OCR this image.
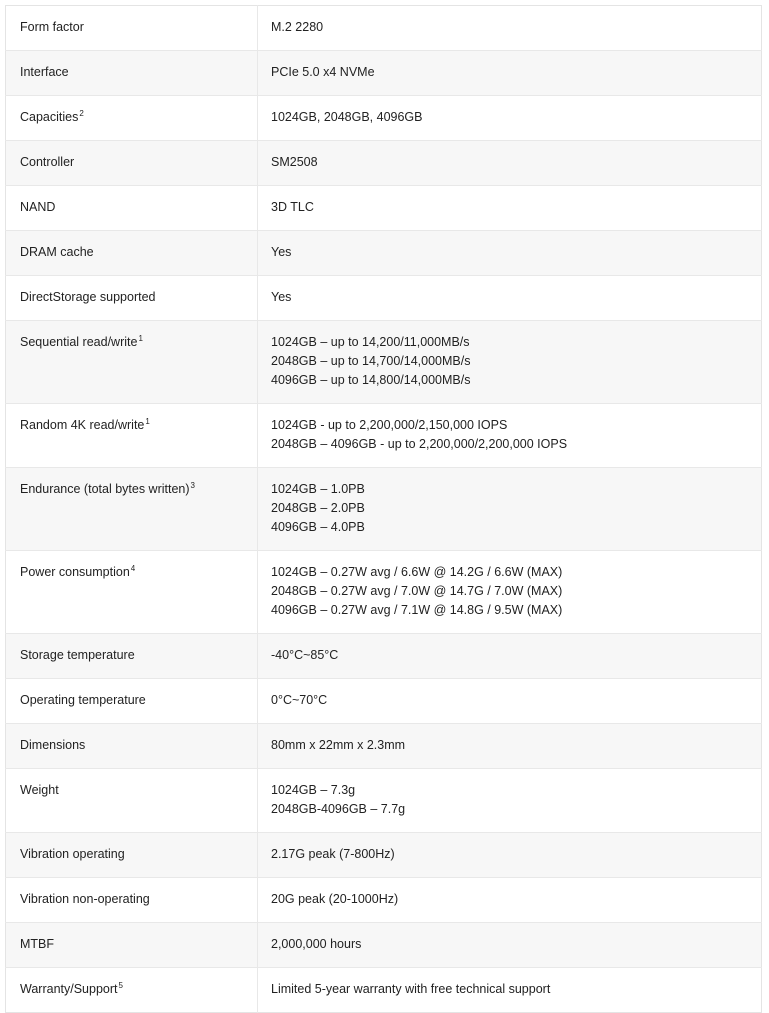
Form factor	M.2 2280

Interface	PCIe 5.0 x4 NVMe

Capacities$^2$	1024GB, 2048GB, 4096GB

Controller	SM2508

NAND	3D TLC

DRAM cache	Yes

DirectStorage supported	Yes

Sequential read/write$^1$	1024GB – up to 14,200/11,000MB/s
2048GB – up to 14,700/14,000MB/s
4096GB – up to 14,800/14,000MB/s

Random 4K read/write$^1$	1024GB - up to 2,200,000/2,150,000 IOPS
2048GB – 4096GB - up to 2,200,000/2,200,000 IOPS

Endurance (total bytes written)$^3$	1024GB – 1.0PB
2048GB – 2.0PB
4096GB – 4.0PB

Power consumption$^4$	1024GB – 0.27W avg / 6.6W @ 14.2G / 6.6W (MAX)
2048GB – 0.27W avg / 7.0W @ 14.7G / 7.0W (MAX)
4096GB – 0.27W avg / 7.1W @ 14.8G / 9.5W (MAX)

Storage temperature	-40°C~85°C

Operating temperature	0°C~70°C

Dimensions	80mm x 22mm x 2.3mm

Weight	1024GB – 7.3g
2048GB-4096GB – 7.7g

Vibration operating	2.17G peak (7-800Hz)

Vibration non-operating	20G peak (20-1000Hz)

MTBF	2,000,000 hours

Warranty/Support$^5$	Limited 5-year warranty with free technical support
